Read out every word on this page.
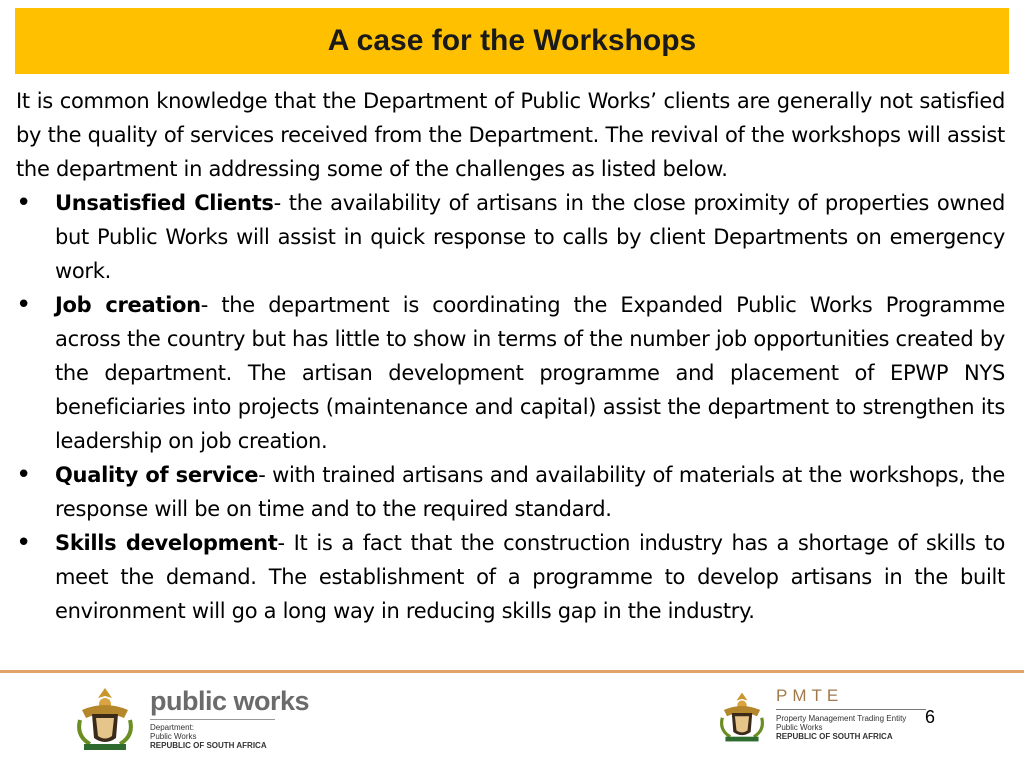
A case for the Workshops

It is common knowledge that the Department of Public Works’ clients are generally not satisfied by the quality of services received from the Department. The revival of the workshops will assist the department in addressing some of the challenges as listed below.

• Unsatisfied Clients- the availability of artisans in the close proximity of properties owned but Public Works will assist in quick response to calls by client Departments on emergency work.
• Job creation- the department is coordinating the Expanded Public Works Programme across the country but has little to show in terms of the number job opportunities created by the department. The artisan development programme and placement of EPWP NYS beneficiaries into projects (maintenance and capital) assist the department to strengthen its leadership on job creation.
• Quality of service- with trained artisans and availability of materials at the workshops, the response will be on time and to the required standard.
• Skills development- It is a fact that the construction industry has a shortage of skills to meet the demand. The establishment of a programme to develop artisans in the built environment will go a long way in reducing skills gap in the industry.
public works
Department:
Public Works
REPUBLIC OF SOUTH AFRICA
PMTE
Property Management Trading Entity
Public Works
REPUBLIC OF SOUTH AFRICA
6
